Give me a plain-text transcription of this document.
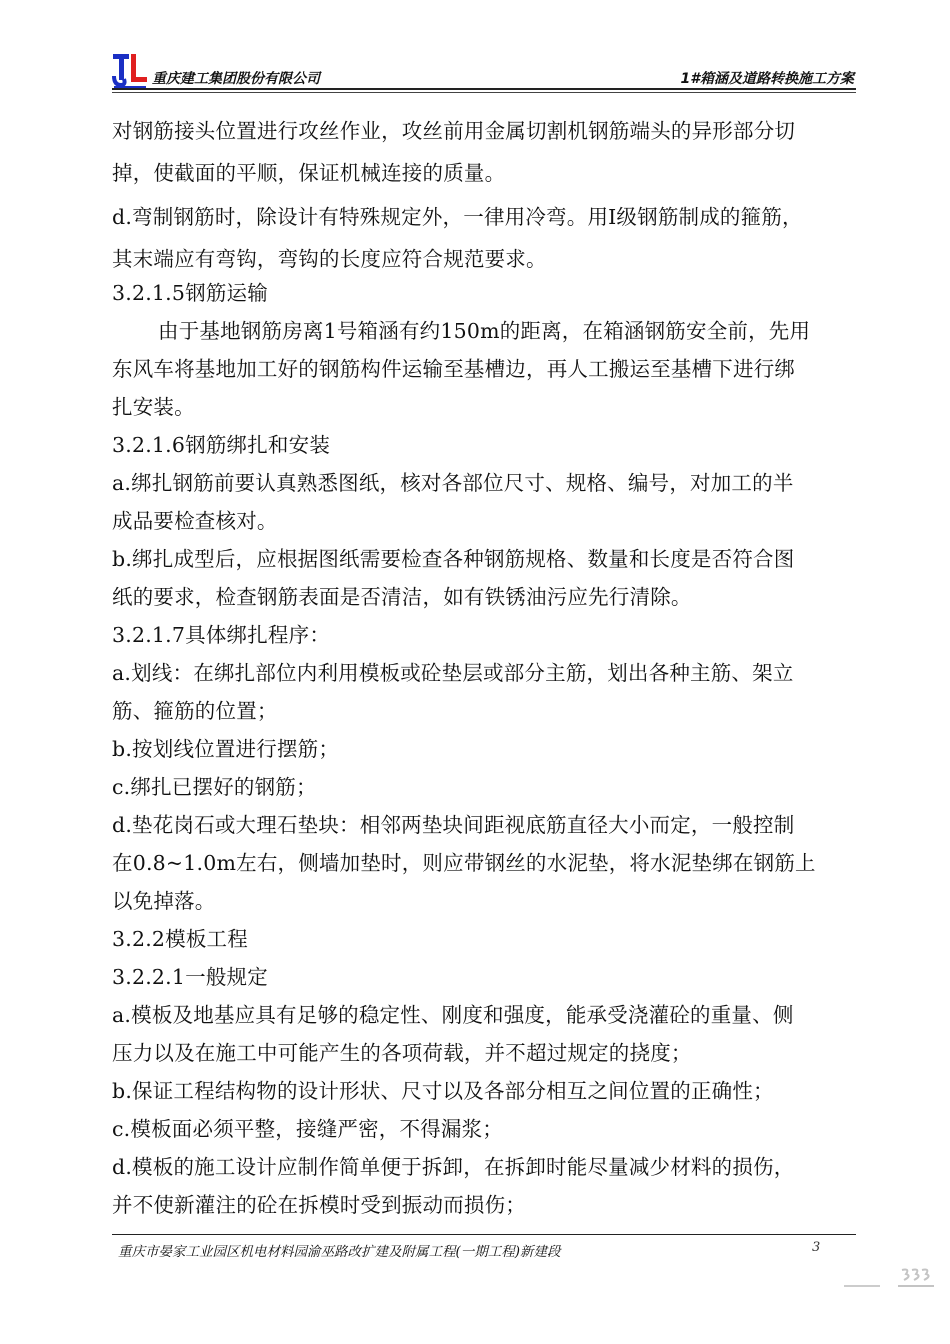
重庆建工集团股份有限公司	1#箱涵及道路转换施工方案
对钢筋接头位置进行攻丝作业，攻丝前用金属切割机钢筋端头的异形部分切
掉，使截面的平顺，保证机械连接的质量。
d.弯制钢筋时，除设计有特殊规定外，一律用冷弯。用Ⅰ级钢筋制成的箍筋，
其末端应有弯钩，弯钩的长度应符合规范要求。
3.2.1.5钢筋运输
由于基地钢筋房离1号箱涵有约150m的距离，在箱涵钢筋安全前，先用
东风车将基地加工好的钢筋构件运输至基槽边，再人工搬运至基槽下进行绑
扎安装。
3.2.1.6钢筋绑扎和安装
a.绑扎钢筋前要认真熟悉图纸，核对各部位尺寸、规格、编号，对加工的半
成品要检查核对。
b.绑扎成型后，应根据图纸需要检查各种钢筋规格、数量和长度是否符合图
纸的要求，检查钢筋表面是否清洁，如有铁锈油污应先行清除。
3.2.1.7具体绑扎程序：
a.划线：在绑扎部位内利用模板或砼垫层或部分主筋，划出各种主筋、架立
筋、箍筋的位置；
b.按划线位置进行摆筋；
c.绑扎已摆好的钢筋；
d.垫花岗石或大理石垫块：相邻两垫块间距视底筋直径大小而定，一般控制
在0.8~1.0m左右，侧墙加垫时，则应带钢丝的水泥垫，将水泥垫绑在钢筋上
以免掉落。
3.2.2模板工程
3.2.2.1一般规定
a.模板及地基应具有足够的稳定性、刚度和强度，能承受浇灌砼的重量、侧
压力以及在施工中可能产生的各项荷载，并不超过规定的挠度；
b.保证工程结构物的设计形状、尺寸以及各部分相互之间位置的正确性；
c.模板面必须平整，接缝严密，不得漏浆；
d.模板的施工设计应制作简单便于拆卸，在拆卸时能尽量减少材料的损伤，
并不使新灌注的砼在拆模时受到振动而损伤；
重庆市晏家工业园区机电材料园渝巫路改扩建及附属工程(一期工程)新建段	3
